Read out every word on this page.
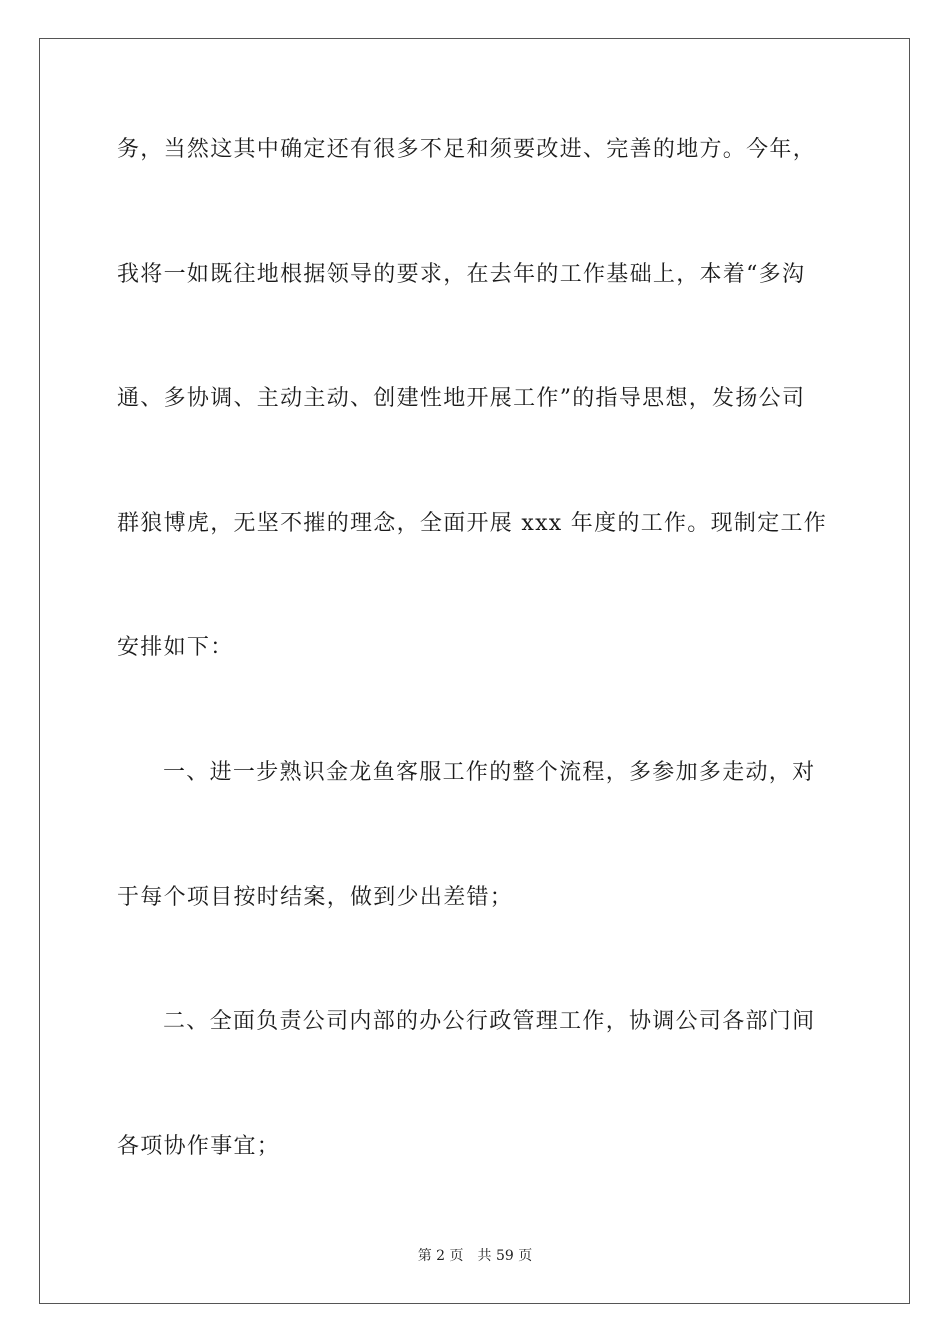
务，当然这其中确定还有很多不足和须要改进、完善的地方。今年，
我将一如既往地根据领导的要求，在去年的工作基础上，本着“多沟
通、多协调、主动主动、创建性地开展工作”的指导思想，发扬公司
群狼博虎，无坚不摧的理念，全面开展 xxx 年度的工作。现制定工作
安排如下：
一、进一步熟识金龙鱼客服工作的整个流程，多参加多走动，对
于每个项目按时结案，做到少出差错；
二、全面负责公司内部的办公行政管理工作，协调公司各部门间
各项协作事宜；
第 2 页 共 59 页
